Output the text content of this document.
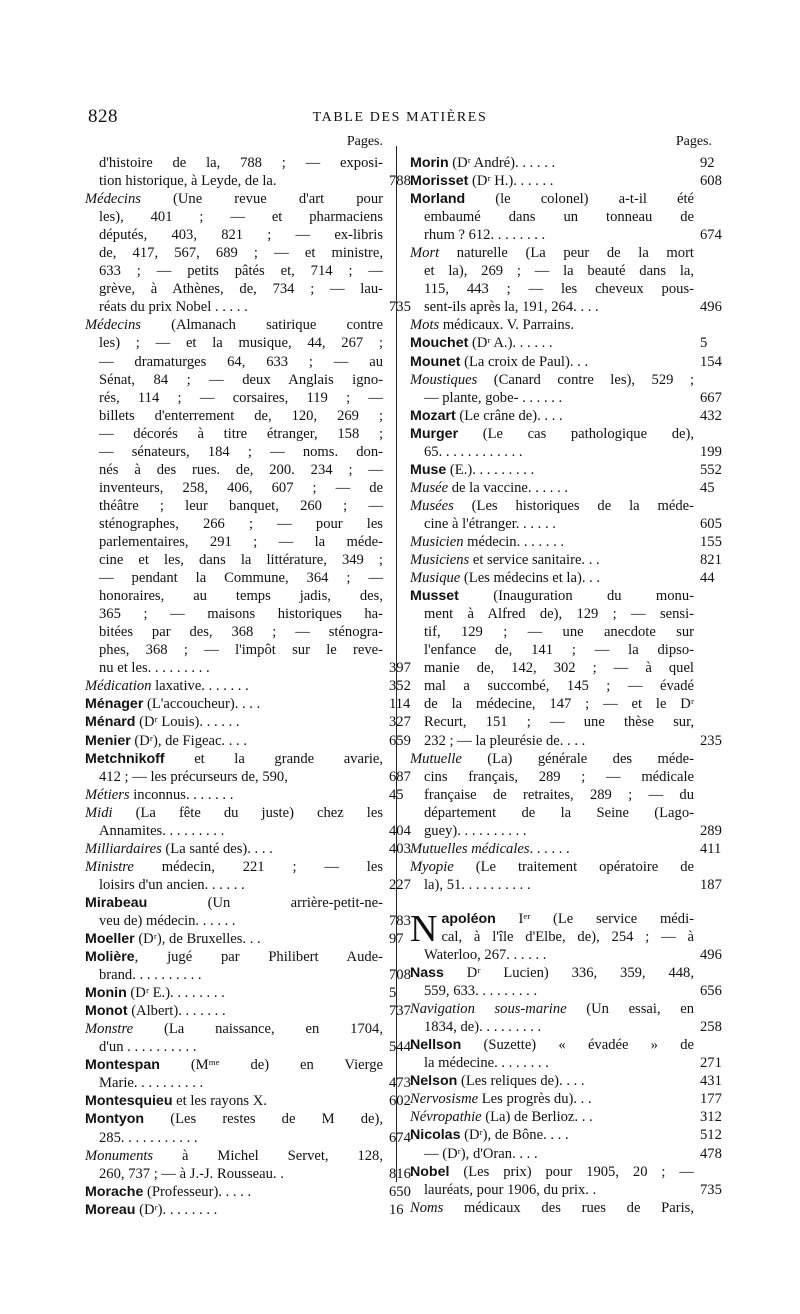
828	TABLE DES MATIÈRES
Pages.
d'histoire de la, 788 ; — exposi-
tion historique, à Leyde, de la.	788
Médecins (Une revue d'art pour
les), 401 ; — et pharmaciens
députés, 403, 821 ; — ex-libris
de, 417, 567, 689 ; — et ministre,
633 ; — petits pâtés et, 714 ; —
grève, à Athènes, de, 734 ; — lau-
réats du prix Nobel . . . . .	735
Médecins (Almanach satirique contre
les) ; — et la musique, 44, 267 ;
— dramaturges 64, 633 ; — au
Sénat, 84 ; — deux Anglais igno-
rés, 114 ; — corsaires, 119 ; —
billets d'enterrement de, 120, 269 ;
— décorés à titre étranger, 158 ;
— sénateurs, 184 ; — noms. don-
nés à des rues. de, 200. 234 ; —
inventeurs, 258, 406, 607 ; — de
théâtre ; leur banquet, 260 ; —
sténographes, 266 ; — pour les
parlementaires, 291 ; — la méde-
cine et les, dans la littérature, 349 ;
— pendant la Commune, 364 ; —
honoraires, au temps jadis, des,
365 ; — maisons historiques ha-
bitées par des, 368 ; — sténogra-
phes, 368 ; — l'impôt sur le reve-
nu et les. . . . . . . . .	397
Médication laxative. . . . . . .	352
Ménager (L'accoucheur). . . .	114
Ménard (Dʳ Louis). . . . . .	327
Menier (Dʳ), de Figeac. . . .	659
Metchnikoff et la grande avarie,
412 ; — les précurseurs de, 590,	687
Métiers inconnus. . . . . . .	45
Midi (La fête du juste) chez les
Annamites. . . . . . . . .	404
Milliardaires (La santé des). . . .	403
Ministre médecin, 221 ; — les
loisirs d'un ancien. . . . . .	227
Mirabeau (Un arrière-petit-ne-
veu de) médecin. . . . . .	783
Moeller (Dʳ), de Bruxelles. . .	97
Molière, jugé par Philibert Aude-
brand. . . . . . . . . .	708
Monin (Dʳ E.). . . . . . . .	5
Monot (Albert). . . . . . .	737
Monstre (La naissance, en 1704,
d'un . . . . . . . . . .	544
Montespan (Mᵐᵉ de) en Vierge
Marie. . . . . . . . . .	473
Montesquieu et les rayons X.	602
Montyon (Les restes de M de),
285. . . . . . . . . . .	674
Monuments à Michel Servet, 128,
260, 737 ; — à J.-J. Rousseau. .	816
Morache (Professeur). . . . .	650
Moreau (Dʳ). . . . . . . .	16
Pages.
Morin (Dʳ André). . . . . .	92
Morisset (Dʳ H.). . . . . .	608
Morland (le colonel) a-t-il été
embaumé dans un tonneau de
rhum ? 612. . . . . . . .	674
Mort naturelle (La peur de la mort
et la), 269 ; — la beauté dans la,
115, 443 ; — les cheveux pous-
sent-ils après la, 191, 264. . . .	496
Mots médicaux. V. Parrains.
Mouchet (Dʳ A.). . . . . .	5
Mounet (La croix de Paul). . .	154
Moustiques (Canard contre les), 529 ;
— plante, gobe- . . . . . .	667
Mozart (Le crâne de). . . .	432
Murger (Le cas pathologique de),
65. . . . . . . . . . . .	199
Muse (E.). . . . . . . . .	552
Musée de la vaccine. . . . . .	45
Musées (Les historiques de la méde-
cine à l'étranger. . . . . .	605
Musicien médecin. . . . . . .	155
Musiciens et service sanitaire. . .	821
Musique (Les médecins et la). . .	44
Musset (Inauguration du monu-
ment à Alfred de), 129 ; — sensi-
tif, 129 ; — une anecdote sur
l'enfance de, 141 ; — la dipso-
manie de, 142, 302 ; — à quel
mal a succombé, 145 ; — évadé
de la médecine, 147 ; — et le Dʳ
Recurt, 151 ; — une thèse sur,
232 ; — la pleurésie de. . . .	235
Mutuelle (La) générale des méde-
cins français, 289 ; — médicale
française de retraites, 289 ; — du
département de la Seine (Lago-
guey). . . . . . . . . .	289
Mutuelles médicales. . . . . .	411
Myopie (Le traitement opératoire de
la), 51. . . . . . . . . .	187
N apoléon Iᵉʳ (Le service médi-
cal, à l'île d'Elbe, de), 254 ; — à
Waterloo, 267. . . . . .	496
Nass Dʳ Lucien) 336, 359, 448,
559, 633. . . . . . . . .	656
Navigation sous-marine (Un essai, en
1834, de). . . . . . . . .	258
Nellson (Suzette) « évadée » de
la médecine. . . . . . . .	271
Nelson (Les reliques de). . . .	431
Nervosisme Les progrès du). . .	177
Névropathie (La) de Berlioz. . .	312
Nicolas (Dʳ), de Bône. . . .	512
— (Dʳ), d'Oran. . . .	478
Nobel (Les prix) pour 1905, 20 ; —
lauréats, pour 1906, du prix. .	735
Noms médicaux des rues de Paris,
